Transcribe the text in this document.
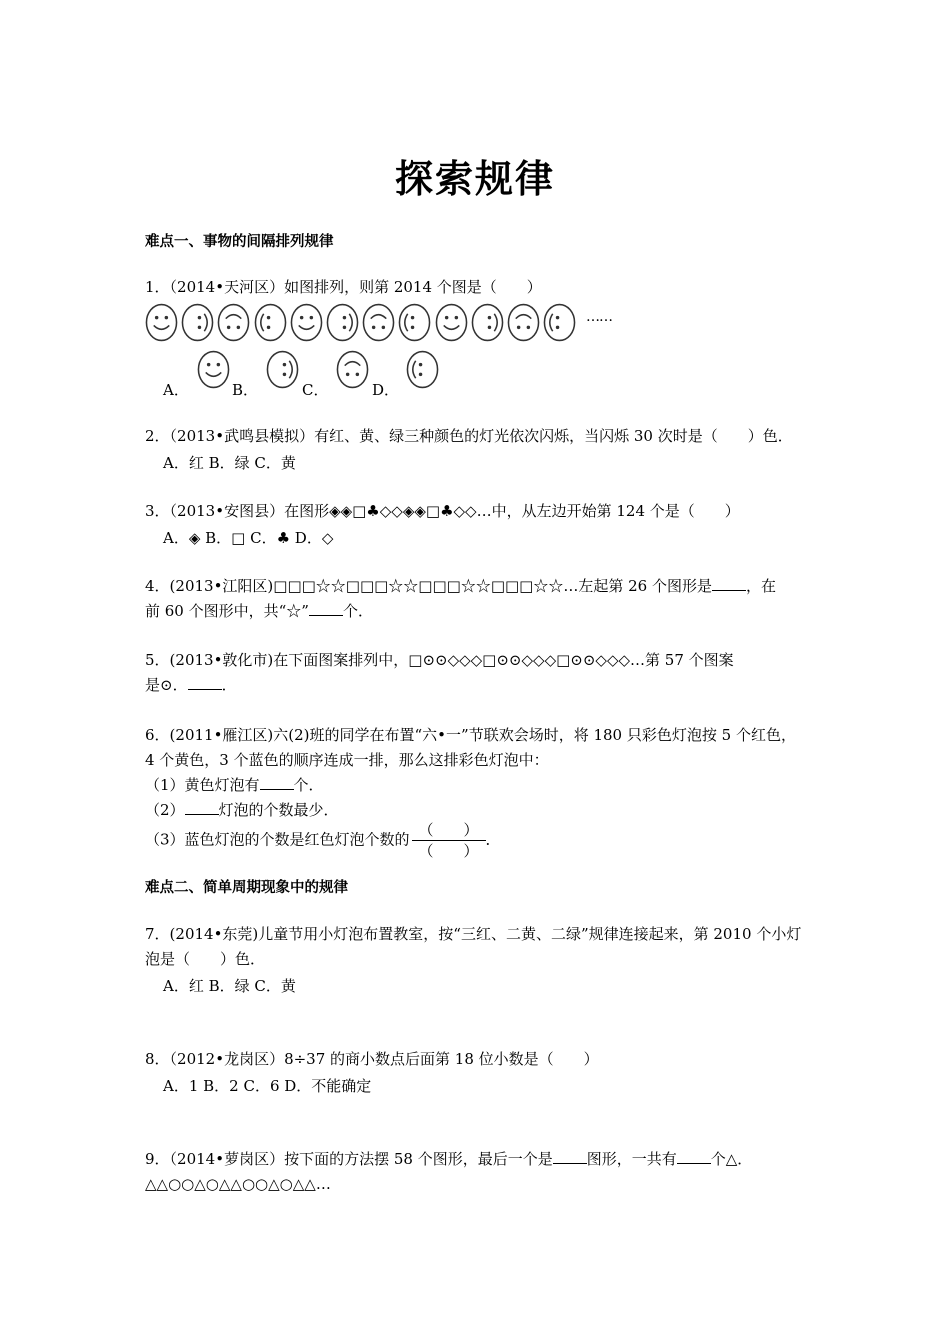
探索规律
难点一、事物的间隔排列规律
1．（2014•天河区）如图排列，则第 2014 个图是（　　）
……
A．	B．	C．	D．
2．（2013•武鸣县模拟）有红、黄、绿三种颜色的灯光依次闪烁，当闪烁 30 次时是（　　）色．
A．红 B．绿 C．黄
3．（2013•安图县）在图形◈◈□♣◇◇◈◈□♣◇◇…中，从左边开始第 124 个是（　　）
A．◈ B．□ C．♣ D．◇
4．(2013•江阳区)□□□☆☆□□□☆☆□□□☆☆□□□☆☆…左起第 26 个图形是 ，在
前 60 个图形中，共“☆” 个．
5．(2013•敦化市)在下面图案排列中，□⊙⊙◇◇◇□⊙⊙◇◇◇□⊙⊙◇◇◇…第 57 个图案
是⊙． ．
6．(2011•雁江区)六(2)班的同学在布置“六•一”节联欢会场时，将 180 只彩色灯泡按 5 个红色，
4 个黄色，3 个蓝色的顺序连成一排，那么这排彩色灯泡中：
（1）黄色灯泡有 个．
（2） 灯泡的个数最少．
（3）蓝色灯泡的个数是红色灯泡个数的 $\frac{( )}{( )}$ ．
难点二、简单周期现象中的规律
7．(2014•东莞)儿童节用小灯泡布置教室，按“三红、二黄、二绿”规律连接起来，第 2010 个小灯
泡是（　　）色．
A．红 B．绿 C．黄
8．（2012•龙岗区）8÷37 的商小数点后面第 18 位小数是（　　）
A．1 B．2 C．6 D．不能确定
9．（2014•萝岗区）按下面的方法摆 58 个图形，最后一个是 图形，一共有 个△．
△△○○△○△△○○△○△△…
